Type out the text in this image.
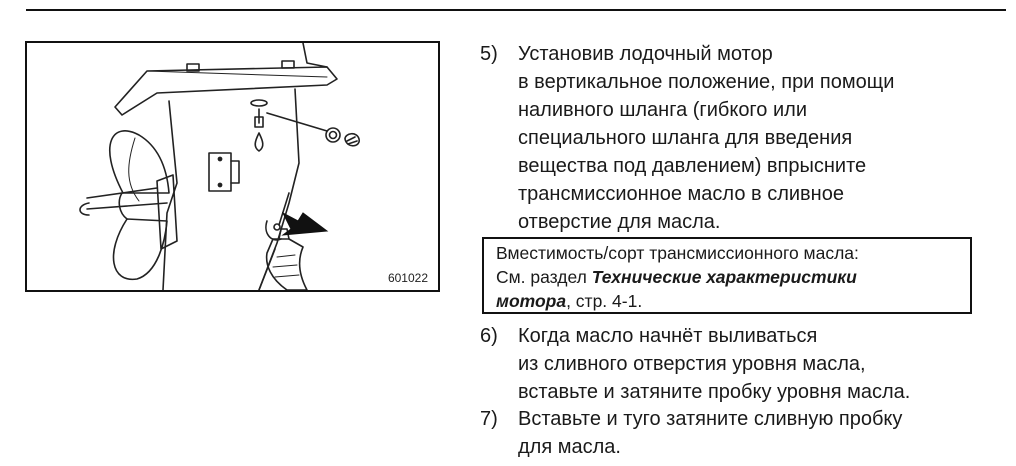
601022
5) Установив лодочный мотор
в вертикальное положение, при помощи
наливного шланга (гибкого или
специального шланга для введения
вещества под давлением) впрысните
трансмиссионное масло в сливное
отверстие для масла.
Вместимость/сорт трансмиссионного масла:
См. раздел Технические характеристики
мотора, стр. 4-1.
6) Когда масло начнёт выливаться
из сливного отверстия уровня масла,
вставьте и затяните пробку уровня масла.
7) Вставьте и туго затяните сливную пробку
для масла.
